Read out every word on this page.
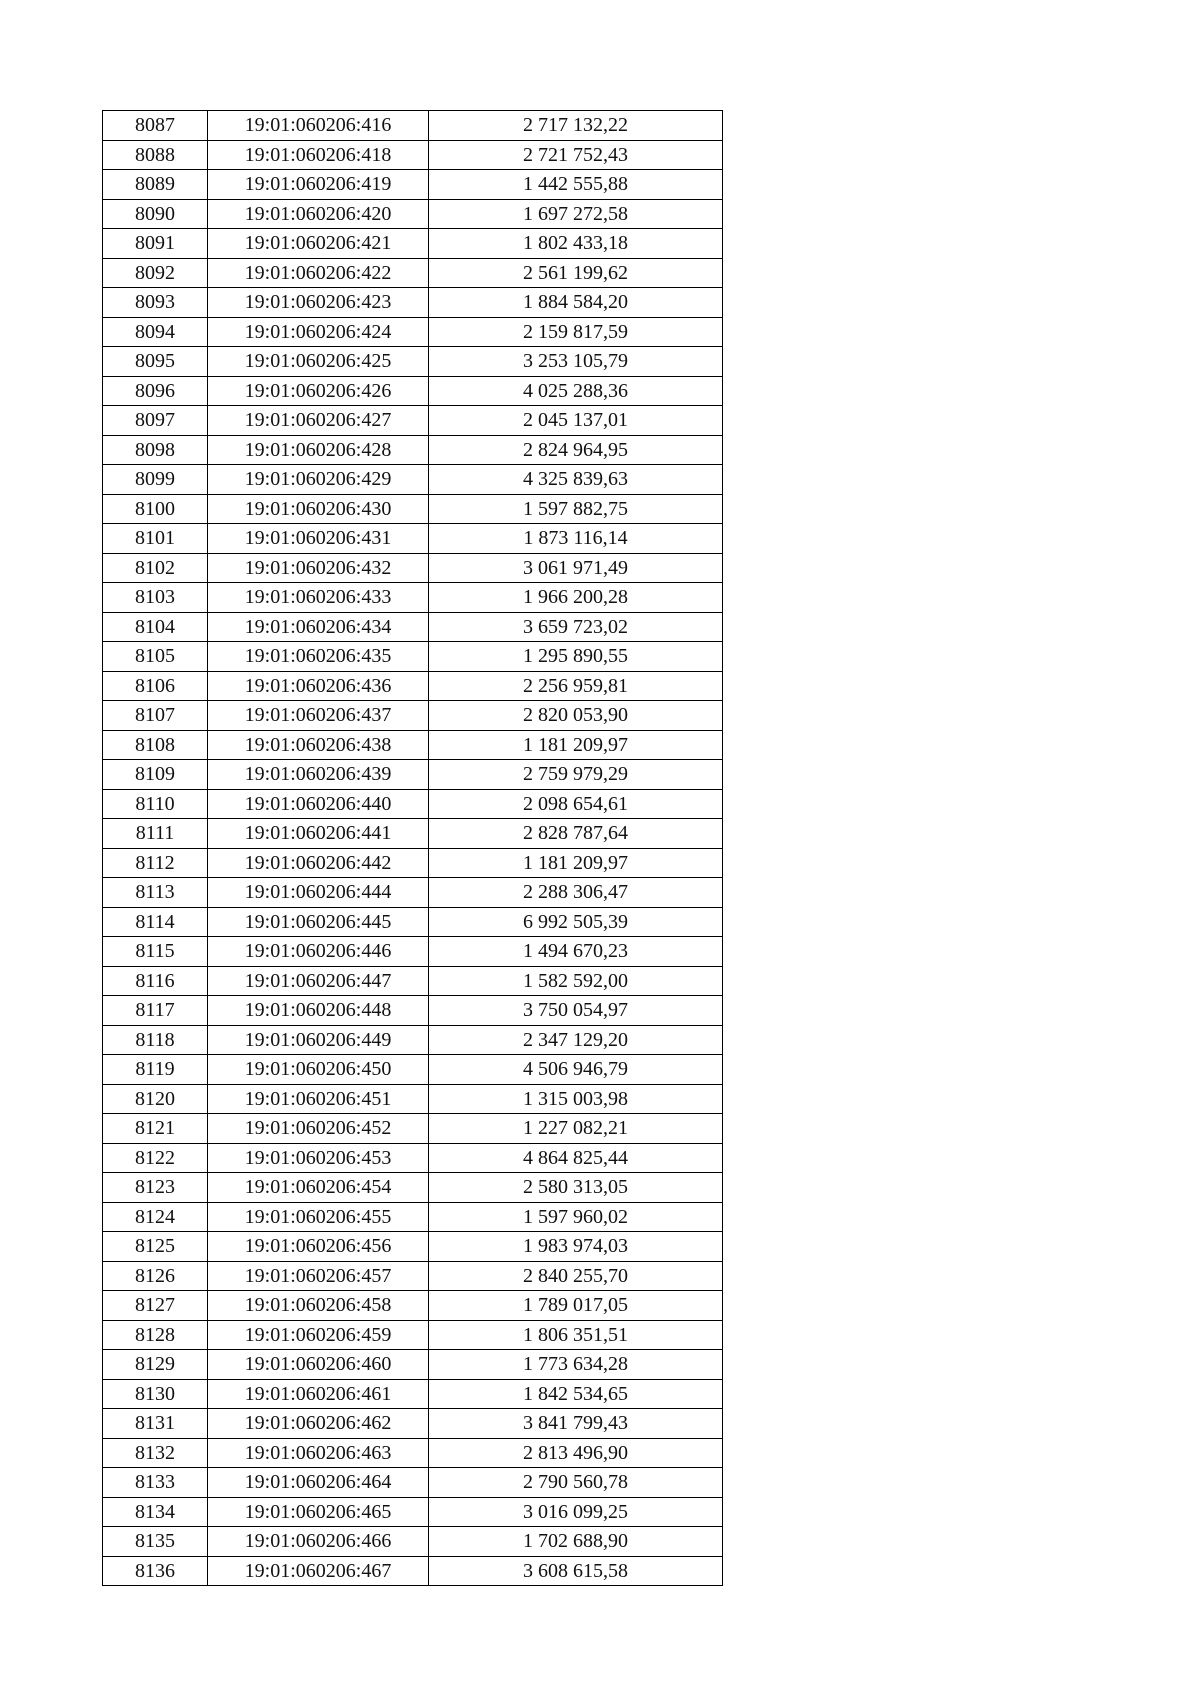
8087	19:01:060206:416	2 717 132,22
8088	19:01:060206:418	2 721 752,43
8089	19:01:060206:419	1 442 555,88
8090	19:01:060206:420	1 697 272,58
8091	19:01:060206:421	1 802 433,18
8092	19:01:060206:422	2 561 199,62
8093	19:01:060206:423	1 884 584,20
8094	19:01:060206:424	2 159 817,59
8095	19:01:060206:425	3 253 105,79
8096	19:01:060206:426	4 025 288,36
8097	19:01:060206:427	2 045 137,01
8098	19:01:060206:428	2 824 964,95
8099	19:01:060206:429	4 325 839,63
8100	19:01:060206:430	1 597 882,75
8101	19:01:060206:431	1 873 116,14
8102	19:01:060206:432	3 061 971,49
8103	19:01:060206:433	1 966 200,28
8104	19:01:060206:434	3 659 723,02
8105	19:01:060206:435	1 295 890,55
8106	19:01:060206:436	2 256 959,81
8107	19:01:060206:437	2 820 053,90
8108	19:01:060206:438	1 181 209,97
8109	19:01:060206:439	2 759 979,29
8110	19:01:060206:440	2 098 654,61
8111	19:01:060206:441	2 828 787,64
8112	19:01:060206:442	1 181 209,97
8113	19:01:060206:444	2 288 306,47
8114	19:01:060206:445	6 992 505,39
8115	19:01:060206:446	1 494 670,23
8116	19:01:060206:447	1 582 592,00
8117	19:01:060206:448	3 750 054,97
8118	19:01:060206:449	2 347 129,20
8119	19:01:060206:450	4 506 946,79
8120	19:01:060206:451	1 315 003,98
8121	19:01:060206:452	1 227 082,21
8122	19:01:060206:453	4 864 825,44
8123	19:01:060206:454	2 580 313,05
8124	19:01:060206:455	1 597 960,02
8125	19:01:060206:456	1 983 974,03
8126	19:01:060206:457	2 840 255,70
8127	19:01:060206:458	1 789 017,05
8128	19:01:060206:459	1 806 351,51
8129	19:01:060206:460	1 773 634,28
8130	19:01:060206:461	1 842 534,65
8131	19:01:060206:462	3 841 799,43
8132	19:01:060206:463	2 813 496,90
8133	19:01:060206:464	2 790 560,78
8134	19:01:060206:465	3 016 099,25
8135	19:01:060206:466	1 702 688,90
8136	19:01:060206:467	3 608 615,58
